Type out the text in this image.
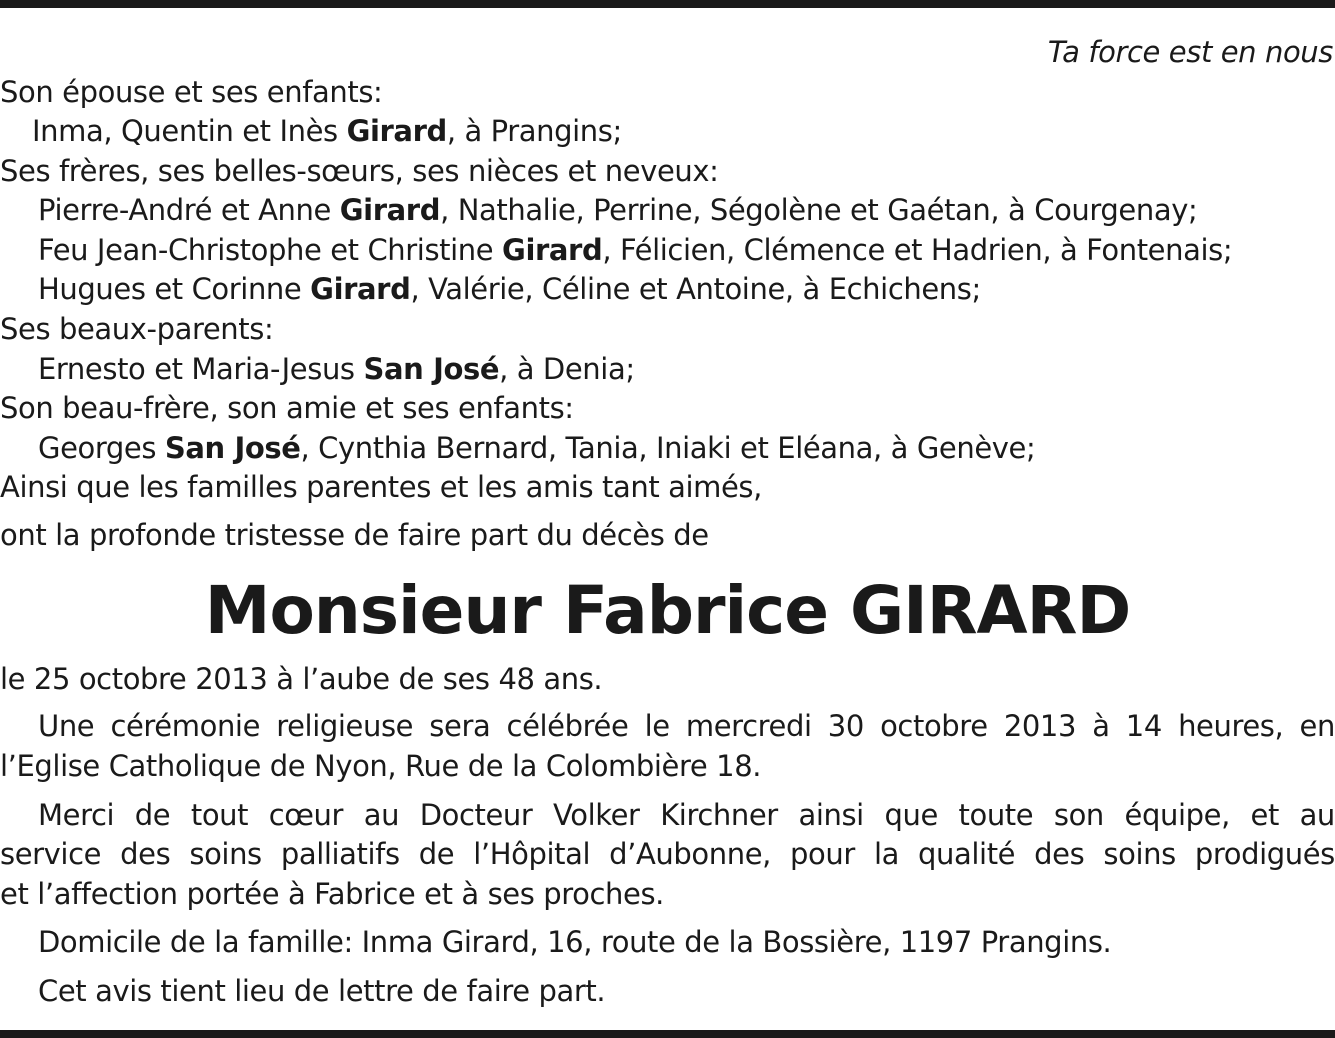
Ta force est en nous
Son épouse et ses enfants:
Inma, Quentin et Inès Girard, à Prangins;
Ses frères, ses belles-sœurs, ses nièces et neveux:
Pierre-André et Anne Girard, Nathalie, Perrine, Ségolène et Gaétan, à Courgenay;
Feu Jean-Christophe et Christine Girard, Félicien, Clémence et Hadrien, à Fontenais;
Hugues et Corinne Girard, Valérie, Céline et Antoine, à Echichens;
Ses beaux-parents:
Ernesto et Maria-Jesus San José, à Denia;
Son beau-frère, son amie et ses enfants:
Georges San José, Cynthia Bernard, Tania, Iniaki et Eléana, à Genève;
Ainsi que les familles parentes et les amis tant aimés,
ont la profonde tristesse de faire part du décès de
Monsieur Fabrice GIRARD
le 25 octobre 2013 à l’aube de ses 48 ans.
Une cérémonie religieuse sera célébrée le mercredi 30 octobre 2013 à 14 heures, en
l’Eglise Catholique de Nyon, Rue de la Colombière 18.
Merci de tout cœur au Docteur Volker Kirchner ainsi que toute son équipe, et au
service des soins palliatifs de l’Hôpital d’Aubonne, pour la qualité des soins prodigués
et l’affection portée à Fabrice et à ses proches.
Domicile de la famille: Inma Girard, 16, route de la Bossière, 1197 Prangins.
Cet avis tient lieu de lettre de faire part.
